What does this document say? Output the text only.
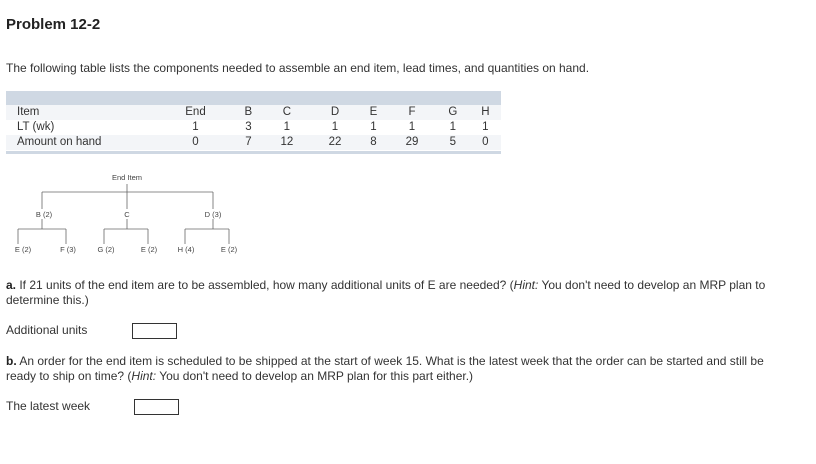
Problem 12-2
The following table lists the components needed to assemble an end item, lead times, and quantities on hand.
Item	End	B	C	D	E	F	G	H
LT (wk)	1	3	1	1	1	1	1	1
Amount on hand	0	7	12	22	8	29	5	0
End Item
B (2)	C	D (3)
E (2)	F (3)	G (2)	E (2)	H (4)	E (2)
a. If 21 units of the end item are to be assembled, how many additional units of E are needed? (Hint: You don't need to develop an MRP plan to determine this.)
Additional units
b. An order for the end item is scheduled to be shipped at the start of week 15. What is the latest week that the order can be started and still be ready to ship on time? (Hint: You don't need to develop an MRP plan for this part either.)
The latest week
